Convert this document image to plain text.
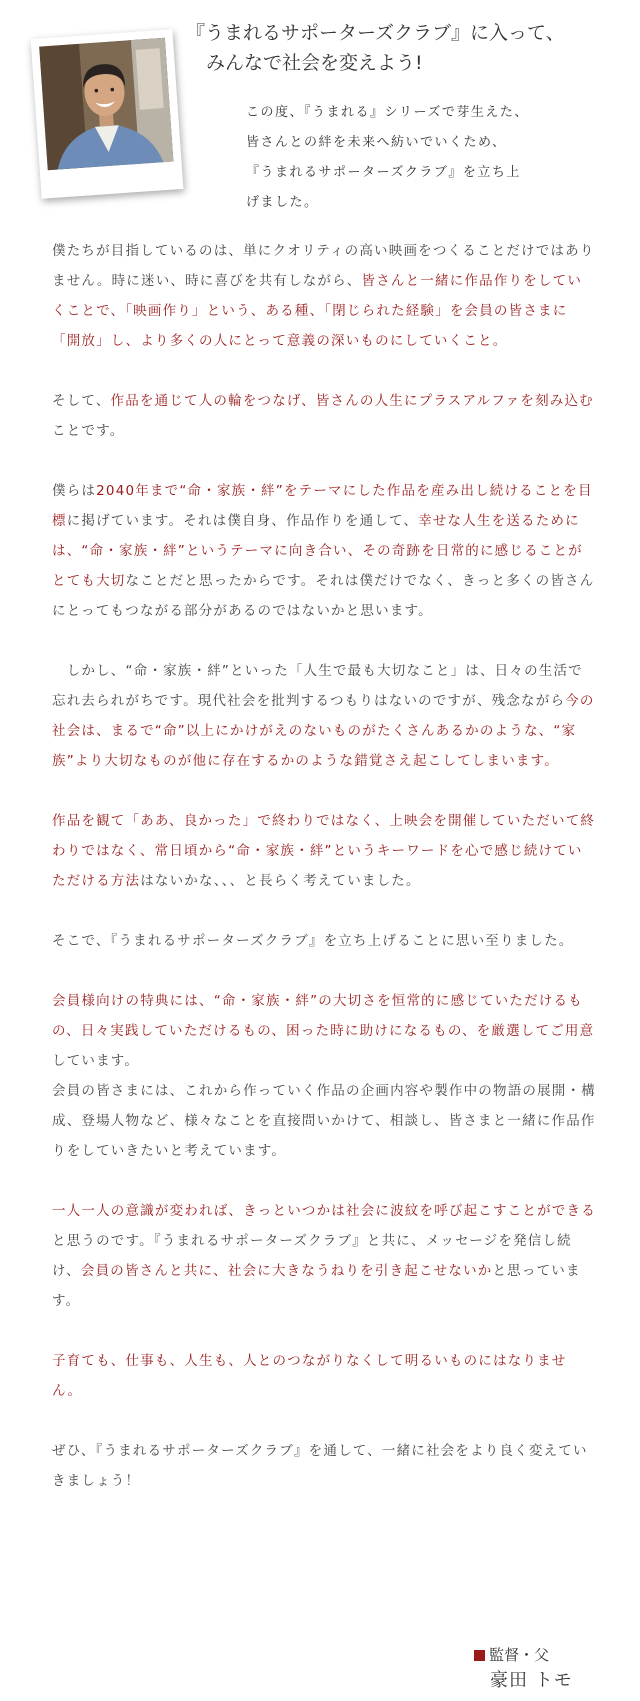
『うまれるサポーターズクラブ』に入って、
みんなで社会を変えよう!
この度、『うまれる』シリーズで芽生えた、
皆さんとの絆を未来へ紡いでいくため、
『うまれるサポーターズクラブ』を立ち上
げました。

僕たちが目指しているのは、単にクオリティの高い映画をつくることだけではありません。時に迷い、時に喜びを共有しながら、皆さんと一緒に作品作りをしていくことで、「映画作り」という、ある種、「閉じられた経験」を会員の皆さまに「開放」し、より多くの人にとって意義の深いものにしていくこと。

そして、作品を通じて人の輪をつなげ、皆さんの人生にプラスアルファを刻み込むことです。

僕らは2040年まで“命・家族・絆”をテーマにした作品を産み出し続けることを目標に掲げています。それは僕自身、作品作りを通して、幸せな人生を送るためには、“命・家族・絆”というテーマに向き合い、その奇跡を日常的に感じることがとても大切なことだと思ったからです。それは僕だけでなく、きっと多くの皆さんにとってもつながる部分があるのではないかと思います。

　しかし、“命・家族・絆”といった「人生で最も大切なこと」は、日々の生活で忘れ去られがちです。現代社会を批判するつもりはないのですが、残念ながら今の社会は、まるで“命”以上にかけがえのないものがたくさんあるかのような、“家族”より大切なものが他に存在するかのような錯覚さえ起こしてしまいます。

作品を観て「ああ、良かった」で終わりではなく、上映会を開催していただいて終わりではなく、常日頃から“命・家族・絆”というキーワードを心で感じ続けていただける方法はないかな、、、と長らく考えていました。

そこで、『うまれるサポーターズクラブ』を立ち上げることに思い至りました。

会員様向けの特典には、“命・家族・絆”の大切さを恒常的に感じていただけるもの、日々実践していただけるもの、困った時に助けになるもの、を厳選してご用意しています。

会員の皆さまには、これから作っていく作品の企画内容や製作中の物語の展開・構成、登場人物など、様々なことを直接問いかけて、相談し、皆さまと一緒に作品作りをしていきたいと考えています。

一人一人の意識が変われば、きっといつかは社会に波紋を呼び起こすことができると思うのです。『うまれるサポーターズクラブ』と共に、メッセージを発信し続け、会員の皆さんと共に、社会に大きなうねりを引き起こせないかと思っています。

子育ても、仕事も、人生も、人とのつながりなくして明るいものにはなりません。

ぜひ、『うまれるサポーターズクラブ』を通して、一緒に社会をより良く変えていきましょう！

監督・父
豪田 トモ
